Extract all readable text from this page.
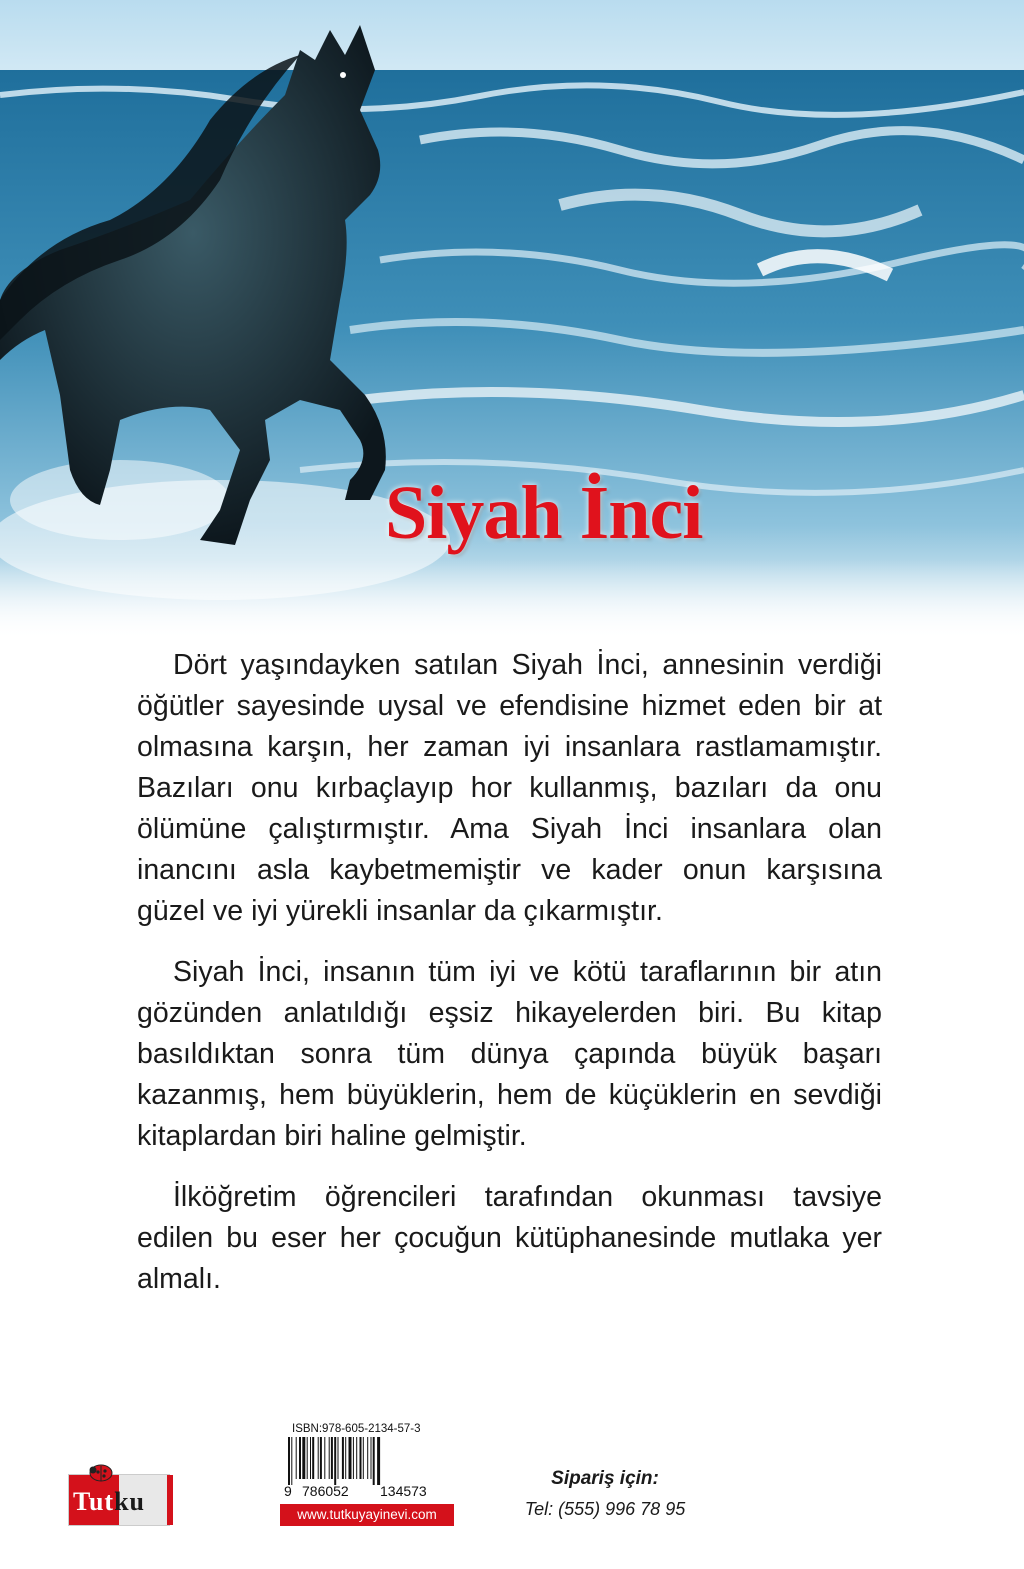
Siyah İnci

Dört yaşındayken satılan Siyah İnci, annesinin verdiği öğütler sayesinde uysal ve efendisine hizmet eden bir at olmasına karşın, her zaman iyi insanlara rastlamamıştır. Bazıları onu kırbaçlayıp hor kullanmış, bazıları da onu ölümüne çalıştırmıştır. Ama Siyah İnci insanlara olan inancını asla kaybetmemiştir ve kader onun karşısına güzel ve iyi yürekli insanlar da çıkarmıştır.

Siyah İnci, insanın tüm iyi ve kötü taraflarının bir atın gözünden anlatıldığı eşsiz hikayelerden biri. Bu kitap basıldıktan sonra tüm dünya çapında büyük başarı kazanmış, hem büyüklerin, hem de küçüklerin en sevdiği kitaplardan biri haline gelmiştir.

İlköğretim öğrencileri tarafından okunması tavsiye edilen bu eser her çocuğun kütüphanesinde mutlaka yer almalı.

Tutku
ISBN:978-605-2134-57-3
9 786052 134573
www.tutkuyayinevi.com
Sipariş için:
Tel: (555) 996 78 95
